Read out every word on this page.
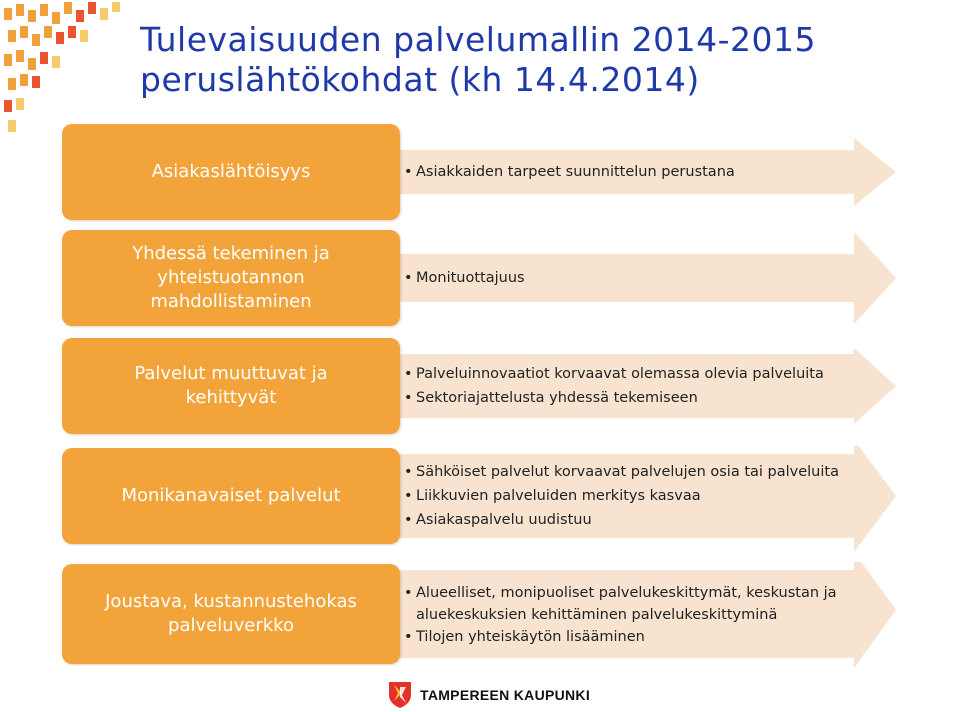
Tulevaisuuden palvelumallin 2014-2015
peruslähtökohdat (kh 14.4.2014)
Asiakaslähtöisyys
•	Asiakkaiden tarpeet suunnittelun perustana
Yhdessä tekeminen ja
yhteistuotannon
mahdollistaminen
• Monituottajuus
Palvelut muuttuvat ja
kehittyvät
• Palveluinnovaatiot korvaavat olemassa olevia palveluita
• Sektoriajattelusta yhdessä tekemiseen
Monikanavaiset palvelut
• Sähköiset palvelut korvaavat palvelujen osia tai palveluita
• Liikkuvien palveluiden merkitys kasvaa
• Asiakaspalvelu uudistuu
Joustava, kustannustehokas
palveluverkko
• Alueelliset, monipuoliset palvelukeskittymät, keskustan ja aluekeskuksien kehittäminen palvelukeskittyminä
• Tilojen yhteiskäytön lisääminen
TAMPEREEN KAUPUNKI
